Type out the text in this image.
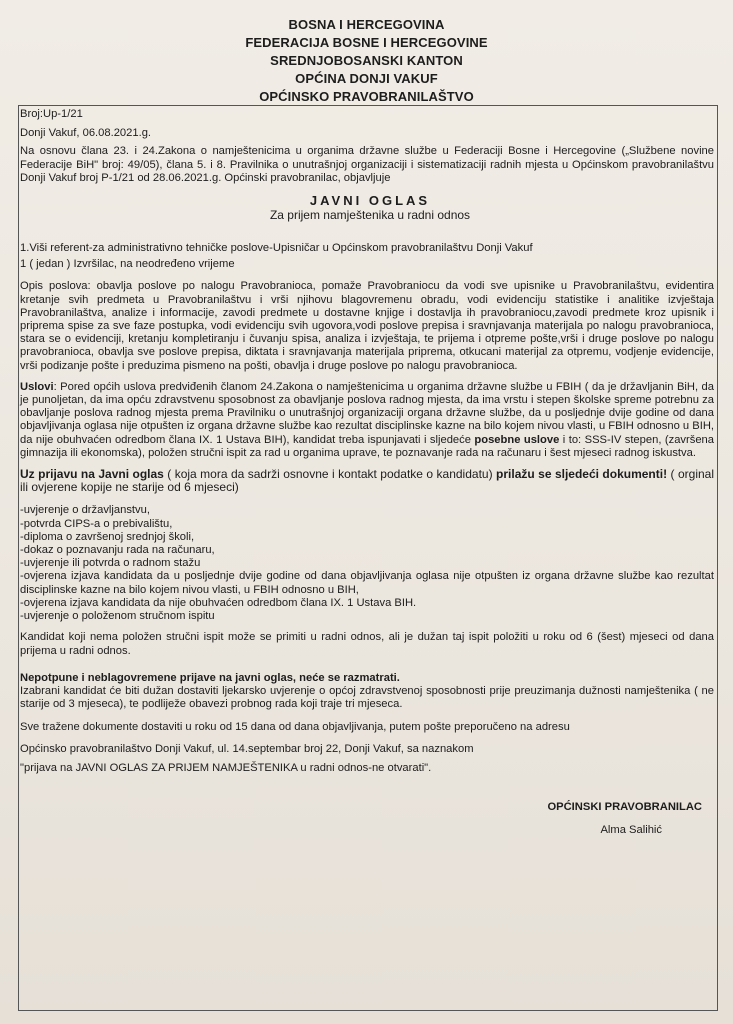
BOSNA I HERCEGOVINA
FEDERACIJA BOSNE I HERCEGOVINE
SREDNJOBOSANSKI KANTON
OPĆINA DONJI VAKUF
OPĆINSKO PRAVOBRANILAŠTVO

Broj:Up-1/21

Donji Vakuf, 06.08.2021.g.

Na osnovu člana 23. i 24.Zakona o namještenicima u organima državne službe u Federaciji Bosne i Hercegovine („Službene novine Federacije BiH" broj: 49/05), člana 5. i 8. Pravilnika o unutrašnjoj organizaciji i sistematizaciji radnih mjesta u Općinskom pravobranilaštvu Donji Vakuf broj P-1/21 od 28.06.2021.g. Općinski pravobranilac, objavljuje

JAVNI OGLAS

Za prijem namještenika u radni odnos

1.Viši referent-za administrativno tehničke poslove-Upisničar u Općinskom pravobranilaštvu Donji Vakuf

1 ( jedan ) Izvršilac, na neodređeno vrijeme

Opis poslova: obavlja poslove po nalogu Pravobranioca, pomaže Pravobraniocu da vodi sve upisnike u Pravobranilaštvu, evidentira kretanje svih predmeta u Pravobranilaštvu i vrši njihovu blagovremenu obradu, vodi evidenciju statistike i analitike izvještaja Pravobranilaštva, analize i informacije, zavodi predmete u dostavne knjige i dostavlja ih pravobraniocu,zavodi predmete kroz upisnik i priprema spise za sve faze postupka, vodi evidenciju svih ugovora,vodi poslove prepisa i sravnjavanja materijala po nalogu pravobranioca, stara se o evidenciji, kretanju kompletiranju i čuvanju spisa, analiza i izvještaja, te prijema i otpreme pošte,vrši i druge poslove po nalogu pravobranioca, obavlja sve poslove prepisa, diktata i sravnjavanja materijala priprema, otkucani materijal za otpremu, vodjenje evidencije, vrši podizanje pošte i preduzima pismeno na pošti, obavlja i druge poslove po nalogu pravobranioca.

Uslovi: Pored općih uslova predviđenih članom 24.Zakona o namještenicima u organima državne službe u FBIH ( da je državljanin BiH, da je punoljetan, da ima opću zdravstvenu sposobnost za obavljanje poslova radnog mjesta, da ima vrstu i stepen školske spreme potrebnu za obavljanje poslova radnog mjesta prema Pravilniku o unutrašnjoj organizaciji organa državne službe, da u posljednje dvije godine od dana objavljivanja oglasa nije otpušten iz organa državne službe kao rezultat disciplinske kazne na bilo kojem nivou vlasti, u FBIH odnosno u BIH, da nije obuhvaćen odredbom člana IX. 1 Ustava BIH), kandidat treba ispunjavati i sljedeće posebne uslove i to: SSS-IV stepen, (završena gimnazija ili ekonomska), položen stručni ispit za rad u organima uprave, te poznavanje rada na računaru i šest mjeseci radnog iskustva.

Uz prijavu na Javni oglas ( koja mora da sadrži osnovne i kontakt podatke o kandidatu) prilažu se sljedeći dokumenti! ( orginal ili ovjerene kopije ne starije od 6 mjeseci)

-uvjerenje o državljanstvu,
-potvrda CIPS-a o prebivalištu,
-diploma o završenoj srednjoj školi,
-dokaz o poznavanju rada na računaru,
-uvjerenje ili potvrda o radnom stažu
-ovjerena izjava kandidata da u posljednje dvije godine od dana objavljivanja oglasa nije otpušten iz organa državne službe kao rezultat disciplinske kazne na bilo kojem nivou vlasti, u FBIH odnosno u BIH,
-ovjerena izjava kandidata da nije obuhvaćen odredbom člana IX. 1 Ustava BIH.
-uvjerenje o položenom stručnom ispitu

Kandidat koji nema položen stručni ispit može se primiti u radni odnos, ali je dužan taj ispit položiti u roku od 6 (šest) mjeseci od dana prijema u radni odnos.

Nepotpune i neblagovremene prijave na javni oglas, neće se razmatrati.

Izabrani kandidat će biti dužan dostaviti ljekarsko uvjerenje o općoj zdravstvenoj sposobnosti prije preuzimanja dužnosti namještenika ( ne starije od 3 mjeseca), te podliježe obavezi probnog rada koji traje tri mjeseca.

Sve tražene dokumente dostaviti u roku od 15 dana od dana objavljivanja, putem pošte preporučeno na adresu

Općinsko pravobranilaštvo Donji Vakuf, ul. 14.septembar broj 22, Donji Vakuf, sa naznakom

"prijava na JAVNI OGLAS ZA PRIJEM NAMJEŠTENIKA u radni odnos-ne otvarati".

OPĆINSKI PRAVOBRANILAC

Alma Salihić
